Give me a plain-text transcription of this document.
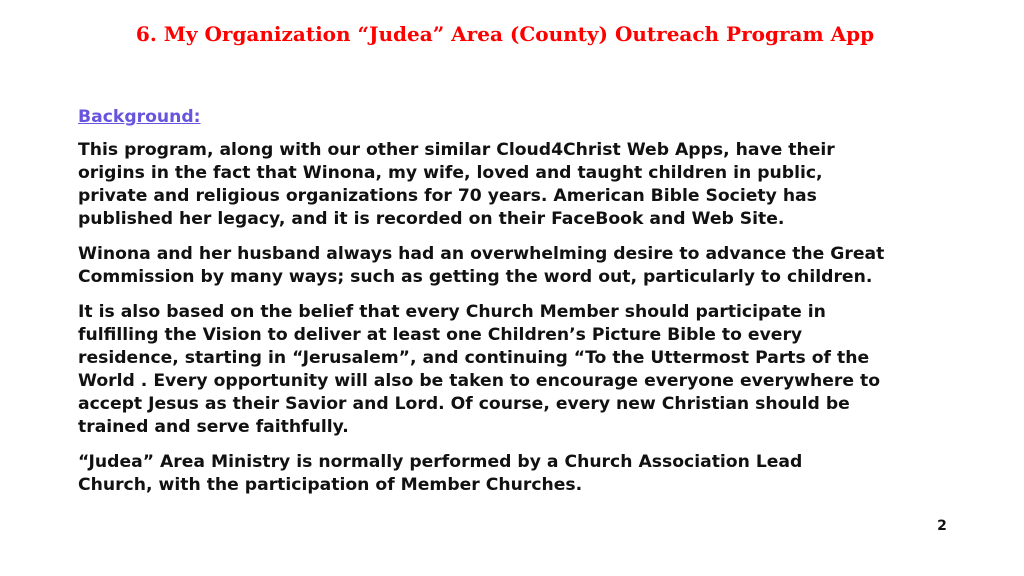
6. My Organization “Judea” Area (County) Outreach Program App
Background:
This program, along with our other similar Cloud4Christ Web Apps, have their
origins in the fact that Winona, my wife, loved and taught children in public,
private and religious organizations for 70 years. American Bible Society has
published her legacy, and it is recorded on their FaceBook and Web Site.
Winona and her husband always had an overwhelming desire to advance the Great
Commission by many ways; such as getting the word out, particularly to children.
It is also based on the belief that every Church Member should participate in
fulfilling the Vision to deliver at least one Children’s Picture Bible to every
residence, starting in “Jerusalem”, and continuing “To the Uttermost Parts of the
World . Every opportunity will also be taken to encourage everyone everywhere to
accept Jesus as their Savior and Lord. Of course, every new Christian should be
trained and serve faithfully.
“Judea” Area Ministry is normally performed by a Church Association Lead
Church, with the participation of Member Churches.
2
